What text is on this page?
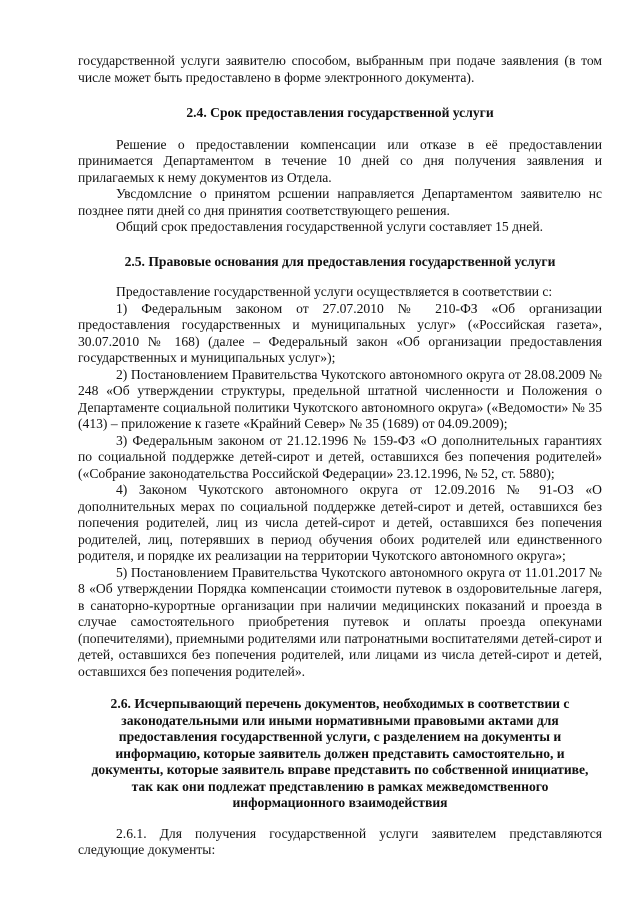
государственной услуги заявителю способом, выбранным при подаче заявления (в том числе может быть предоставлено в форме электронного документа).

2.4. Срок предоставления государственной услуги

Решение о предоставлении компенсации или отказе в её предоставлении принимается Департаментом в течение 10 дней со дня получения заявления и прилагаемых к нему документов из Отдела.

Увсдомлсние о принятом рсшении направляется Департаментом заявителю нс позднее пяти дней со дня принятия соответствующего решения.

Общий срок предоставления государственной услуги составляет 15 дней.

2.5. Правовые основания для предоставления государственной услуги

Предоставление государственной услуги осуществляется в соответствии с:

1) Федеральным законом от 27.07.2010 № 210-ФЗ «Об организации предоставления государственных и муниципальных услуг» («Российская газета», 30.07.2010 № 168) (далее – Федеральный закон «Об организации предоставления государственных и муниципальных услуг»);

2) Постановлением Правительства Чукотского автономного округа от 28.08.2009 № 248 «Об утверждении структуры, предельной штатной численности и Положения о Департаменте социальной политики Чукотского автономного округа» («Ведомости» № 35 (413) – приложение к газете «Крайний Север» № 35 (1689) от 04.09.2009);

3) Федеральным законом от 21.12.1996 № 159-ФЗ «О дополнительных гарантиях по социальной поддержке детей-сирот и детей, оставшихся без попечения родителей» («Собрание законодательства Российской Федерации» 23.12.1996, № 52, ст. 5880);

4) Законом Чукотского автономного округа от 12.09.2016 № 91-ОЗ «О дополнительных мерах по социальной поддержке детей-сирот и детей, оставшихся без попечения родителей, лиц из числа детей-сирот и детей, оставшихся без попечения родителей, лиц, потерявших в период обучения обоих родителей или единственного родителя, и порядке их реализации на территории Чукотского автономного округа»;

5) Постановлением Правительства Чукотского автономного округа от 11.01.2017 № 8 «Об утверждении Порядка компенсации стоимости путевок в оздоровительные лагеря, в санаторно-курортные организации при наличии медицинских показаний и проезда в случае самостоятельного приобретения путевок и оплаты проезда опекунами (попечителями), приемными родителями или патронатными воспитателями детей-сирот и детей, оставшихся без попечения родителей, или лицами из числа детей-сирот и детей, оставшихся без попечения родителей».

2.6. Исчерпывающий перечень документов, необходимых в соответствии с законодательными или иными нормативными правовыми актами для предоставления государственной услуги, с разделением на документы и информацию, которые заявитель должен представить самостоятельно, и документы, которые заявитель вправе представить по собственной инициативе, так как они подлежат представлению в рамках межведомственного информационного взаимодействия

2.6.1. Для получения государственной услуги заявителем представляются следующие документы:
